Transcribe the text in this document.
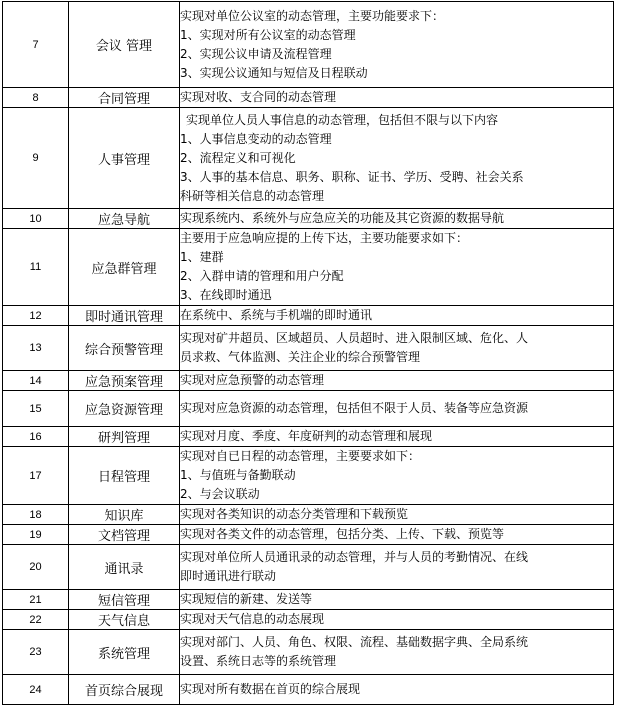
7	会议 管理	实现对单位公议室的动态管理，主要功能要求下：
1、实现对所有公议室的动态管理
2、实现公议申请及流程管理
3、实现公议通知与短信及日程联动

8	合同管理	实现对收、支合同的动态管理

9	人事管理	实现单位人员人事信息的动态管理，包括但不限与以下内容
1、人事信息变动的动态管理
2、流程定义和可视化
3、人事的基本信息、职务、职称、证书、学历、受聘、社会关系
科研等相关信息的动态管理

10	应急导航	实现系统内、系统外与应急应关的功能及其它资源的数据导航

11	应急群管理	主要用于应急响应提的上传下达，主要功能要求如下：
1、建群
2、入群申请的管理和用户分配
3、在线即时通迅

12	即时通讯管理	在系统中、系统与手机端的即时通讯

13	综合预警管理	实现对矿井超员、区域超员、人员超时、进入限制区域、危化、人
员求救、气体监测、关注企业的综合预警管理

14	应急预案管理	实现对应急预警的动态管理

15	应急资源管理	实现对应急资源的动态管理，包括但不限于人员、装备等应急资源

16	研判管理	实现对月度、季度、年度研判的动态管理和展现

17	日程管理	实现对自已日程的动态管理，主要要求如下：
1、与值班与备勤联动
2、与会议联动

18	知识库	实现对各类知识的动态分类管理和下载预览

19	文档管理	实现对各类文件的动态管理，包括分类、上传、下载、预览等

20	通讯录	实现对单位所人员通讯录的动态管理，并与人员的考勤情况、在线
即时通讯进行联动

21	短信管理	实现短信的新建、发送等

22	天气信息	实现对天气信息的动态展现

23	系统管理	实现对部门、人员、角色、权限、流程、基础数据字典、全局系统
设置、系统日志等的系统管理

24	首页综合展现	实现对所有数据在首页的综合展现
